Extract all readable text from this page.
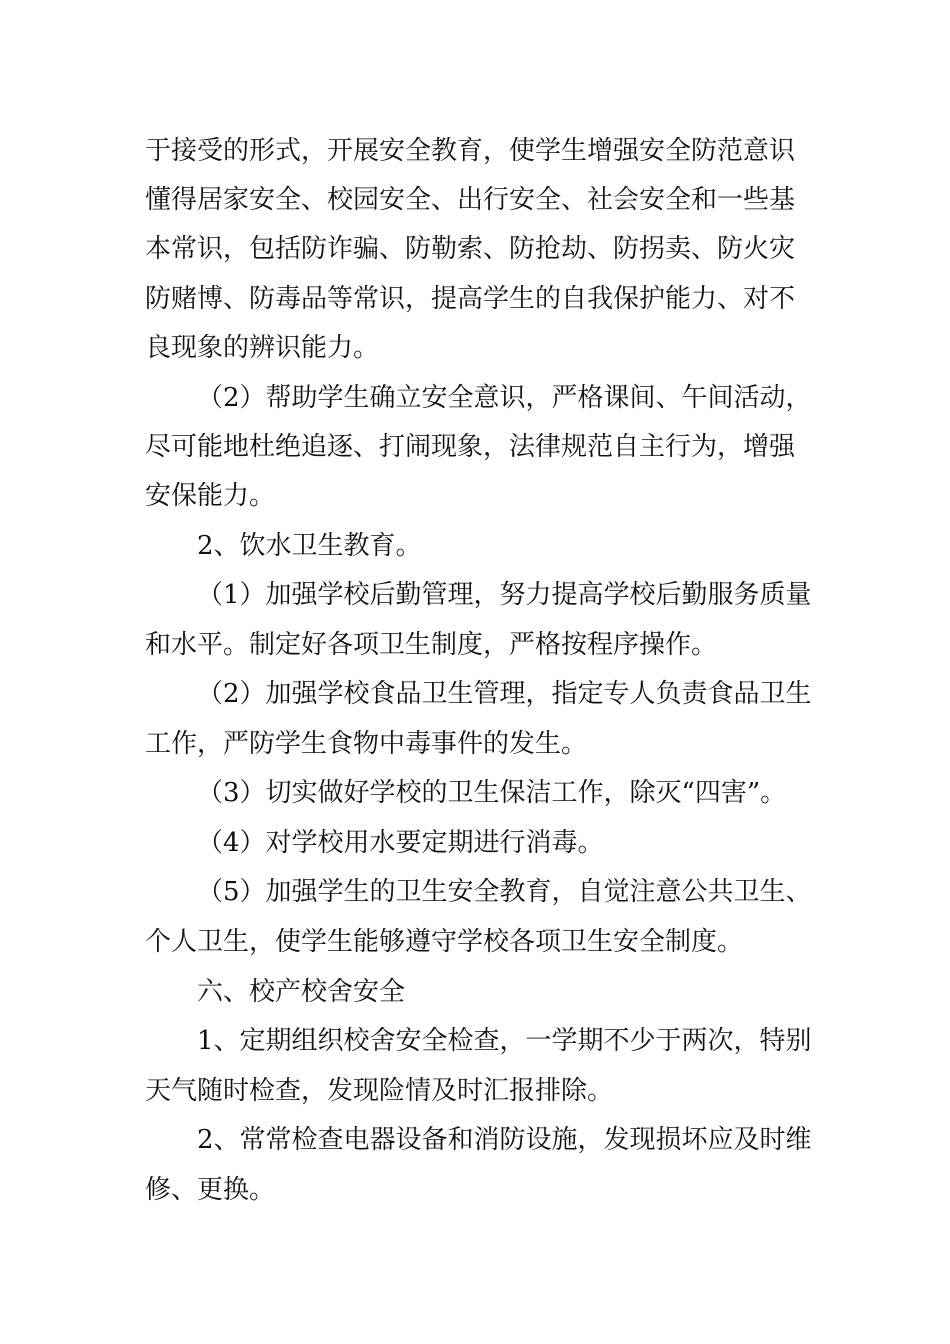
于接受的形式，开展安全教育，使学生增强安全防范意识
懂得居家安全、校园安全、出行安全、社会安全和一些基
本常识，包括防诈骗、防勒索、防抢劫、防拐卖、防火灾
防赌博、防毒品等常识，提高学生的自我保护能力、对不
良现象的辨识能力。
（2）帮助学生确立安全意识，严格课间、午间活动，
尽可能地杜绝追逐、打闹现象，法律规范自主行为，增强
安保能力。
2、饮水卫生教育。
（1）加强学校后勤管理，努力提高学校后勤服务质量
和水平。制定好各项卫生制度，严格按程序操作。
（2）加强学校食品卫生管理，指定专人负责食品卫生
工作，严防学生食物中毒事件的发生。
（3）切实做好学校的卫生保洁工作，除灭“四害”。
（4）对学校用水要定期进行消毒。
（5）加强学生的卫生安全教育，自觉注意公共卫生、
个人卫生，使学生能够遵守学校各项卫生安全制度。
六、校产校舍安全
1、定期组织校舍安全检查，一学期不少于两次，特别
天气随时检查，发现险情及时汇报排除。
2、常常检查电器设备和消防设施，发现损坏应及时维
修、更换。
